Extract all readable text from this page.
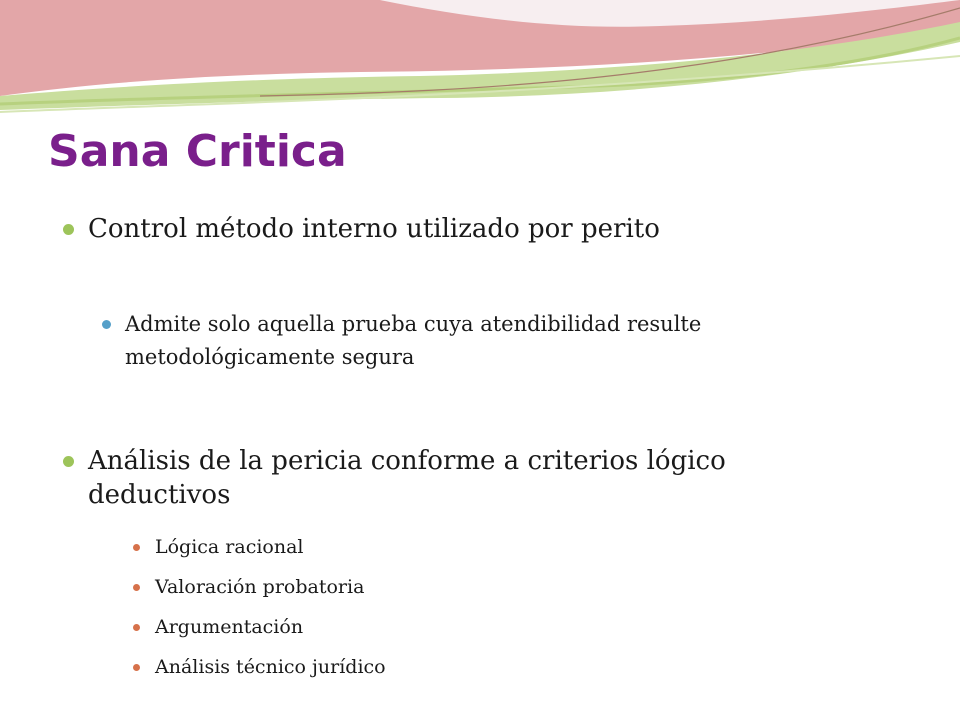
Sana Critica
Control método interno utilizado por perito
Admite solo aquella prueba cuya atendibilidad resulte metodológicamente segura
Análisis de la pericia conforme a criterios lógico deductivos
Lógica racional
Valoración probatoria
Argumentación
Análisis técnico jurídico
